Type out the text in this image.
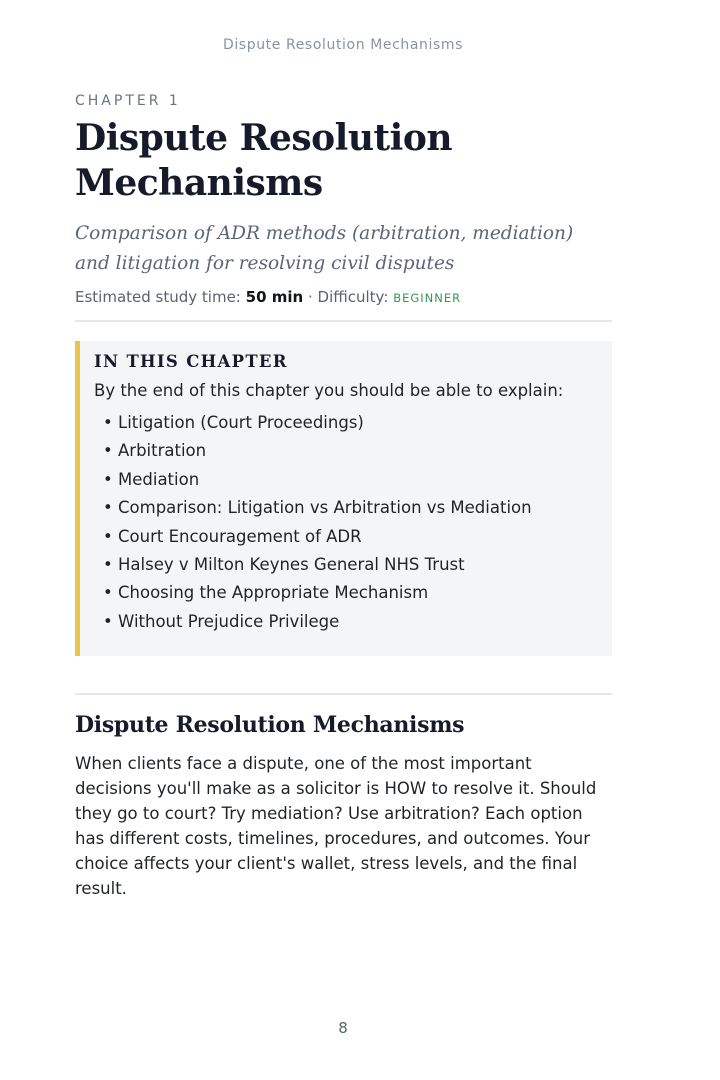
Dispute Resolution Mechanisms
CHAPTER 1
Dispute Resolution Mechanisms

Comparison of ADR methods (arbitration, mediation) and litigation for resolving civil disputes

Estimated study time: 50 min · Difficulty: BEGINNER
IN THIS CHAPTER
By the end of this chapter you should be able to explain:
• Litigation (Court Proceedings)
• Arbitration
• Mediation
• Comparison: Litigation vs Arbitration vs Mediation
• Court Encouragement of ADR
• Halsey v Milton Keynes General NHS Trust
• Choosing the Appropriate Mechanism
• Without Prejudice Privilege
Dispute Resolution Mechanisms

When clients face a dispute, one of the most important decisions you'll make as a solicitor is HOW to resolve it. Should they go to court? Try mediation? Use arbitration? Each option has different costs, timelines, procedures, and outcomes. Your choice affects your client's wallet, stress levels, and the final result.

8
